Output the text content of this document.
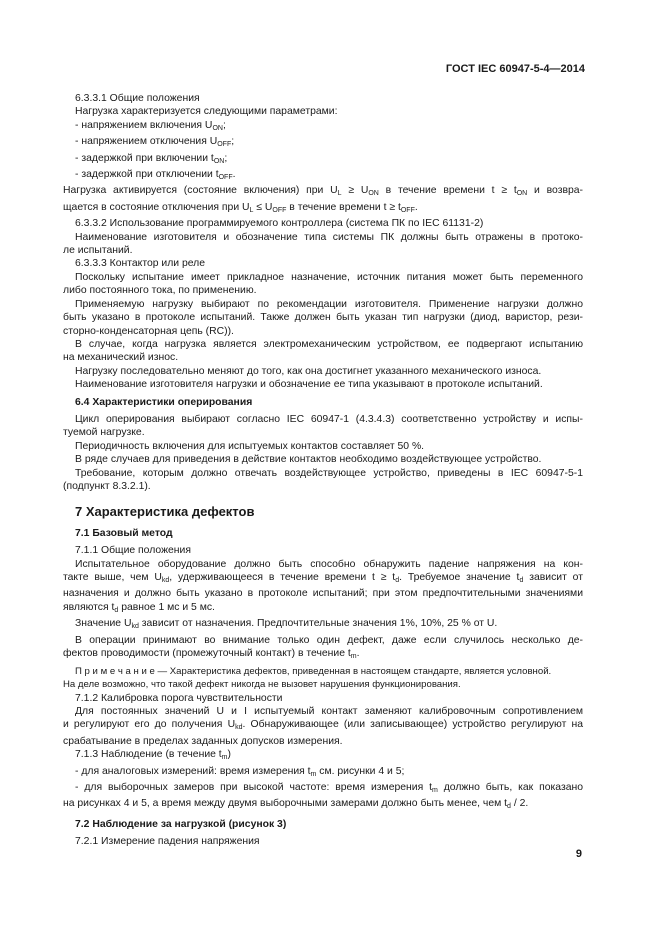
ГОСТ IEC 60947-5-4—2014

6.3.3.1 Общие положения

Нагрузка характеризуется следующими параметрами:

- напряжением включения $U_{ON}$;

- напряжением отключения $U_{OFF}$;

- задержкой при включении $t_{ON}$;

- задержкой при отключении $t_{OFF}$.

Нагрузка активируется (состояние включения) при $U_L \ge U_{ON}$ в течение времени $t \ge t_{ON}$ и возвра-

щается в состояние отключения при $U_L \le U_{OFF}$ в течение времени $t \ge t_{OFF}$.

6.3.3.2 Использование программируемого контроллера (система ПК по IEC 61131-2)

Наименование изготовителя и обозначение типа системы ПК должны быть отражены в протоко-

ле испытаний.

6.3.3.3 Контактор или реле

Поскольку испытание имеет прикладное назначение, источник питания может быть переменного

либо постоянного тока, по применению.

Применяемую нагрузку выбирают по рекомендации изготовителя. Применение нагрузки должно

быть указано в протоколе испытаний. Также должен быть указан тип нагрузки (диод, варистор, рези-

сторно-конденсаторная цепь (RC)).

В случае, когда нагрузка является электромеханическим устройством, ее подвергают испытанию

на механический износ.

Нагрузку последовательно меняют до того, как она достигнет указанного механического износа.

Наименование изготовителя нагрузки и обозначение ее типа указывают в протоколе испытаний.

6.4 Характеристики оперирования

Цикл оперирования выбирают согласно IEC 60947-1 (4.3.4.3) соответственно устройству и испы-

туемой нагрузке.

Периодичность включения для испытуемых контактов составляет 50 %.

В ряде случаев для приведения в действие контактов необходимо воздействующее устройство.

Требование, которым должно отвечать воздействующее устройство, приведены в IEC 60947-5-1

(подпункт 8.3.2.1).

7 Характеристика дефектов

7.1 Базовый метод

7.1.1 Общие положения

Испытательное оборудование должно быть способно обнаружить падение напряжения на кон-

такте выше, чем $U_{kd}$, удерживающееся в течение времени $t \ge t_d$. Требуемое значение $t_d$ зависит от

назначения и должно быть указано в протоколе испытаний; при этом предпочтительными значениями

являются $t_d$ равное 1 мс и 5 мс.

Значение $U_{kd}$ зависит от назначения. Предпочтительные значения 1%, 10%, 25 % от U.

В операции принимают во внимание только один дефект, даже если случилось несколько де-

фектов проводимости (промежуточный контакт) в течение $t_m$.

П р и м е ч а н и е — Характеристика дефектов, приведенная в настоящем стандарте, является условной.

На деле возможно, что такой дефект никогда не вызовет нарушения функционирования.

7.1.2 Калибровка порога чувствительности

Для постоянных значений U и I испытуемый контакт заменяют калибровочным сопротивлением

и регулируют его до получения $U_{kd}$. Обнаруживающее (или записывающее) устройство регулируют на

срабатывание в пределах заданных допусков измерения.

7.1.3 Наблюдение (в течение $t_m$)

- для аналоговых измерений: время измерения $t_m$ см. рисунки 4 и 5;

- для выборочных замеров при высокой частоте: время измерения $t_m$ должно быть, как показано

на рисунках 4 и 5, а время между двумя выборочными замерами должно быть менее, чем $t_d / 2$.

7.2 Наблюдение за нагрузкой (рисунок 3)

7.2.1 Измерение падения напряжения

9
